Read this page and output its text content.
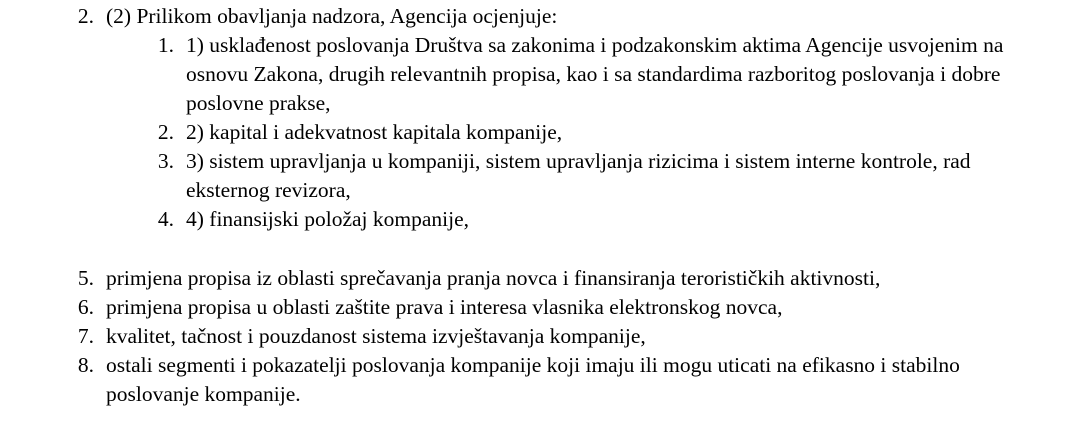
2. (2) Prilikom obavljanja nadzora, Agencija ocjenjuje:
1. 1) usklađenost poslovanja Društva sa zakonima i podzakonskim aktima Agencije usvojenim na osnovu Zakona, drugih relevantnih propisa, kao i sa standardima razboritog poslovanja i dobre poslovne prakse,
2. 2) kapital i adekvatnost kapitala kompanije,
3. 3) sistem upravljanja u kompaniji, sistem upravljanja rizicima i sistem interne kontrole, rad eksternog revizora,
4. 4) finansijski položaj kompanije,
5. primjena propisa iz oblasti sprečavanja pranja novca i finansiranja terorističkih aktivnosti,
6. primjena propisa u oblasti zaštite prava i interesa vlasnika elektronskog novca,
7. kvalitet, tačnost i pouzdanost sistema izvještavanja kompanije,
8. ostali segmenti i pokazatelji poslovanja kompanije koji imaju ili mogu uticati na efikasno i stabilno poslovanje kompanije.
